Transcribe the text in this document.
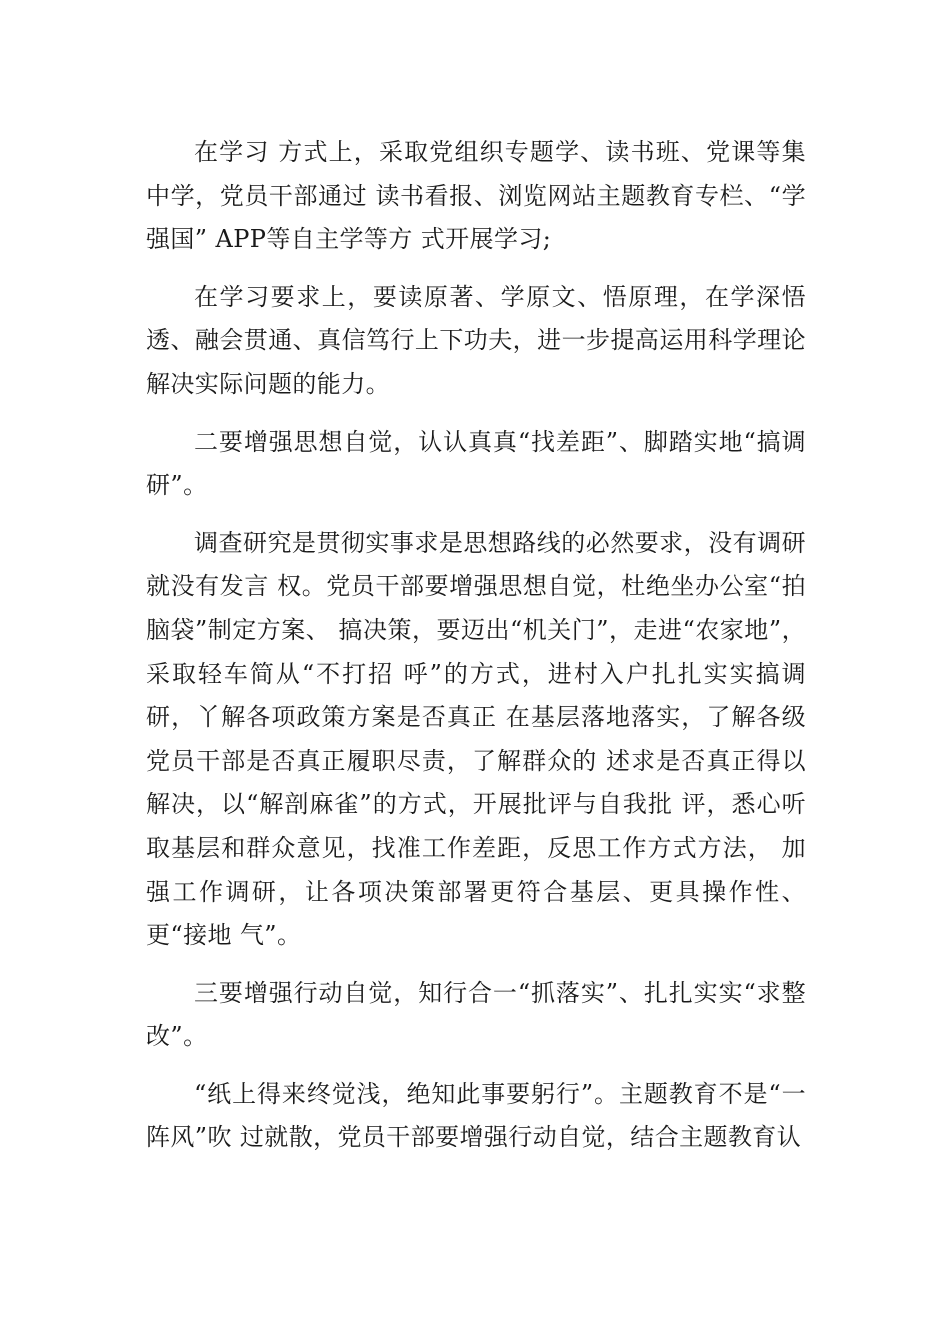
在学习 方式上，采取党组织专题学、读书班、党课等集中学，党员干部通过 读书看报、浏览网站主题教育专栏、“学强国” APP等自主学等方 式开展学习;

在学习要求上，要读原著、学原文、悟原理，在学深悟 透、融会贯通、真信笃行上下功夫，进一步提高运用科学理论解决实际问题的能力。

二要增强思想自觉，认认真真“找差距”、脚踏实地“搞调研”。

调查研究是贯彻实事求是思想路线的必然要求，没有调研就没有发言 权。党员干部要增强思想自觉，杜绝坐办公室“拍脑袋”制定方案、 搞决策，要迈出“机关门”，走进“农家地”，采取轻车简从“不打招 呼”的方式，进村入户扎扎实实搞调研，丫解各项政策方案是否真正 在基层落地落实，了解各级党员干部是否真正履职尽责，了解群众的 述求是否真正得以解决，以“解剖麻雀”的方式，开展批评与自我批 评，悉心听取基层和群众意见，找准工作差距，反思工作方式方法， 加强工作调研，让各项决策部署更符合基层、更具操作性、更“接地 气”。

三要增强行动自觉，知行合一“抓落实”、扎扎实实“求整改”。

“纸上得来终觉浅，绝知此事要躬行”。主题教育不是“一阵风”吹 过就散，党员干部要增强行动自觉，结合主题教育认
